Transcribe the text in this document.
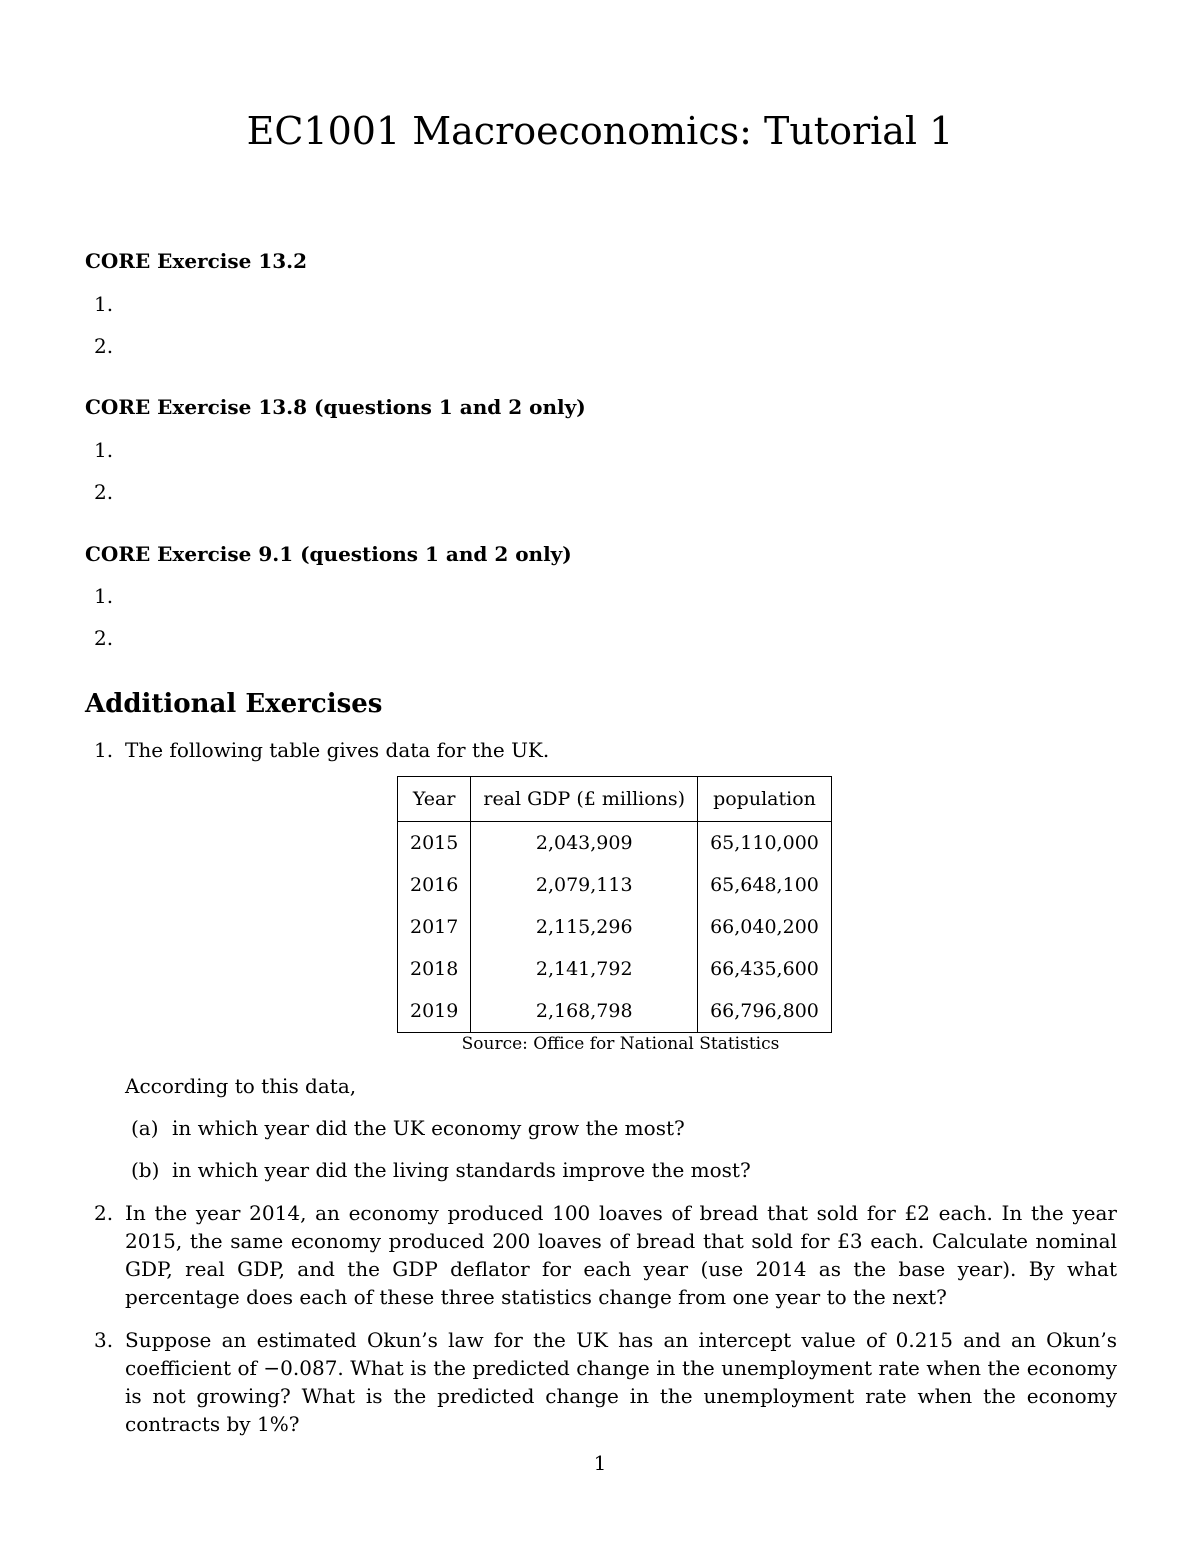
EC1001 Macroeconomics: Tutorial 1
CORE Exercise 13.2
1.
2.
CORE Exercise 13.8 (questions 1 and 2 only)
1.
2.
CORE Exercise 9.1 (questions 1 and 2 only)
1.
2.
Additional Exercises
1. The following table gives data for the UK.
Year	real GDP (£ millions)	population
2015	2,043,909	65,110,000
2016	2,079,113	65,648,100
2017	2,115,296	66,040,200
2018	2,141,792	66,435,600
2019	2,168,798	66,796,800
Source: Office for National Statistics
According to this data,
(a) in which year did the UK economy grow the most?
(b) in which year did the living standards improve the most?
2. In the year 2014, an economy produced 100 loaves of bread that sold for £2 each. In the year 2015, the same economy produced 200 loaves of bread that sold for £3 each. Calculate nominal GDP, real GDP, and the GDP deflator for each year (use 2014 as the base year). By what percentage does each of these three statistics change from one year to the next?
3. Suppose an estimated Okun’s law for the UK has an intercept value of 0.215 and an Okun’s coefficient of −0.087. What is the predicted change in the unemployment rate when the economy is not growing? What is the predicted change in the unemployment rate when the economy contracts by 1%?
1
